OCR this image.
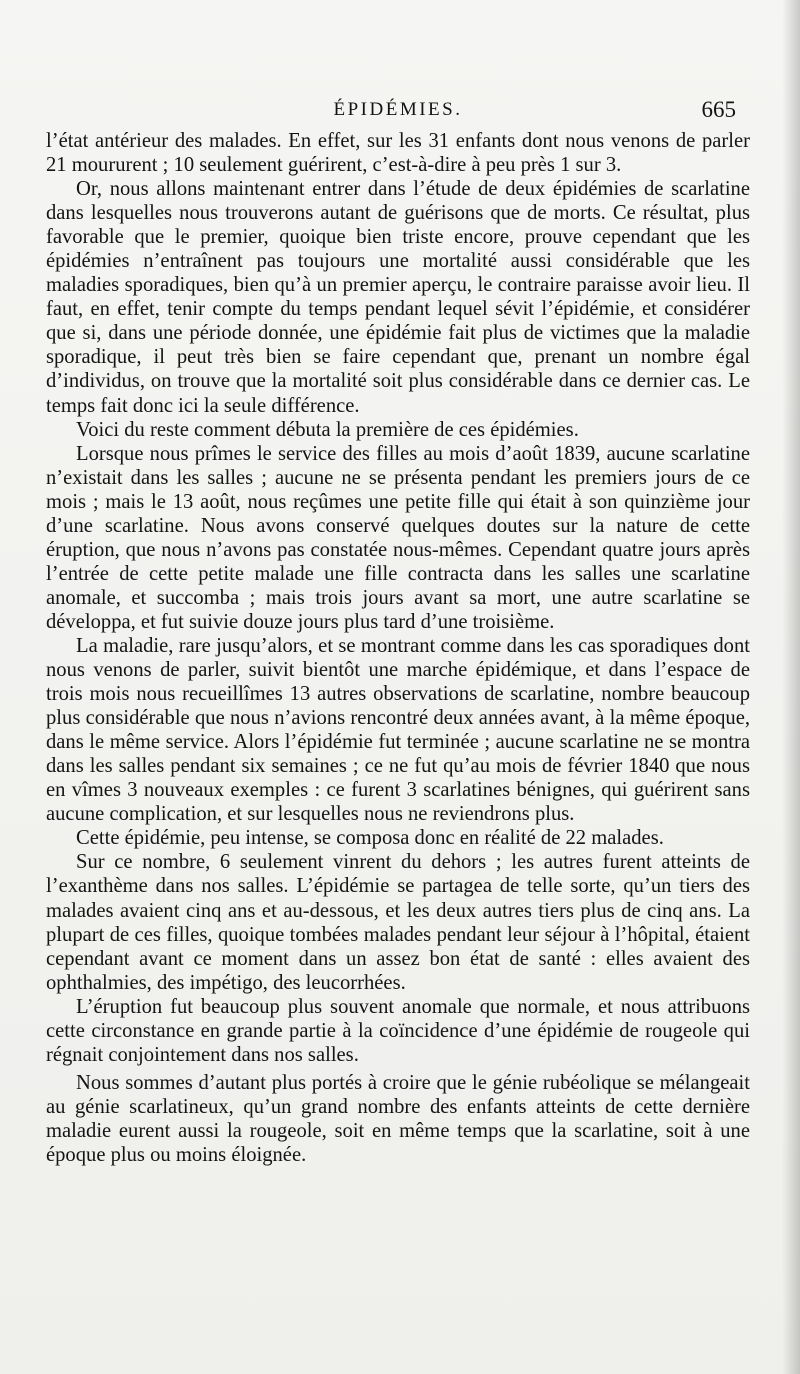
ÉPIDÉMIES.	665

l’état antérieur des malades. En effet, sur les 31 enfants dont nous venons de parler 21 moururent ; 10 seulement guérirent, c’est-à-dire à peu près 1 sur 3.

Or, nous allons maintenant entrer dans l’étude de deux épidémies de scarlatine dans lesquelles nous trouverons autant de guérisons que de morts. Ce résultat, plus favorable que le premier, quoique bien triste encore, prouve cependant que les épidémies n’entraînent pas toujours une mortalité aussi considérable que les maladies sporadiques, bien qu’à un premier aperçu, le contraire paraisse avoir lieu. Il faut, en effet, tenir compte du temps pendant lequel sévit l’épidémie, et considérer que si, dans une période donnée, une épidémie fait plus de victimes que la maladie sporadique, il peut très bien se faire cependant que, prenant un nombre égal d’individus, on trouve que la mortalité soit plus considérable dans ce dernier cas. Le temps fait donc ici la seule différence.

Voici du reste comment débuta la première de ces épidémies.

Lorsque nous prîmes le service des filles au mois d’août 1839, aucune scarlatine n’existait dans les salles ; aucune ne se présenta pendant les premiers jours de ce mois ; mais le 13 août, nous reçûmes une petite fille qui était à son quinzième jour d’une scarlatine. Nous avons conservé quelques doutes sur la nature de cette éruption, que nous n’avons pas constatée nous-mêmes. Cependant quatre jours après l’entrée de cette petite malade une fille contracta dans les salles une scarlatine anomale, et succomba ; mais trois jours avant sa mort, une autre scarlatine se développa, et fut suivie douze jours plus tard d’une troisième.

La maladie, rare jusqu’alors, et se montrant comme dans les cas sporadiques dont nous venons de parler, suivit bientôt une marche épidémique, et dans l’espace de trois mois nous recueillîmes 13 autres observations de scarlatine, nombre beaucoup plus considérable que nous n’avions rencontré deux années avant, à la même époque, dans le même service. Alors l’épidémie fut terminée ; aucune scarlatine ne se montra dans les salles pendant six semaines ; ce ne fut qu’au mois de février 1840 que nous en vîmes 3 nouveaux exemples : ce furent 3 scarlatines bénignes, qui guérirent sans aucune complication, et sur lesquelles nous ne reviendrons plus.

Cette épidémie, peu intense, se composa donc en réalité de 22 malades.

Sur ce nombre, 6 seulement vinrent du dehors ; les autres furent atteints de l’exanthème dans nos salles. L’épidémie se partagea de telle sorte, qu’un tiers des malades avaient cinq ans et au-dessous, et les deux autres tiers plus de cinq ans. La plupart de ces filles, quoique tombées malades pendant leur séjour à l’hôpital, étaient cependant avant ce moment dans un assez bon état de santé : elles avaient des ophthalmies, des impétigo, des leucorrhées.

L’éruption fut beaucoup plus souvent anomale que normale, et nous attribuons cette circonstance en grande partie à la coïncidence d’une épidémie de rougeole qui régnait conjointement dans nos salles.

Nous sommes d’autant plus portés à croire que le génie rubéolique se mélangeait au génie scarlatineux, qu’un grand nombre des enfants atteints de cette dernière maladie eurent aussi la rougeole, soit en même temps que la scarlatine, soit à une époque plus ou moins éloignée.
